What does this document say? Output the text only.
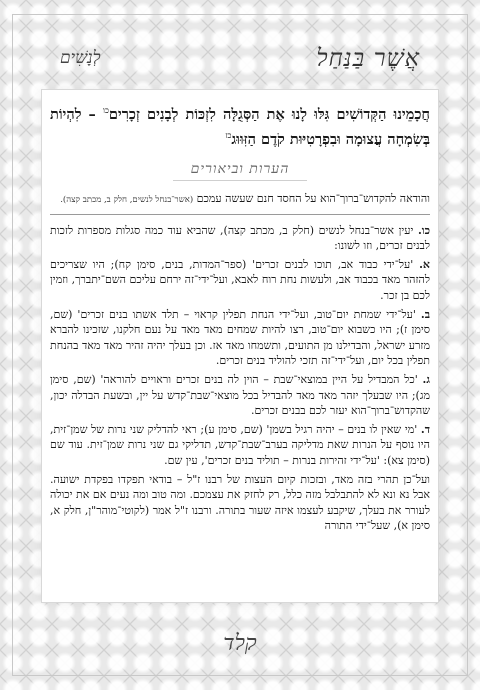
אֲשֶׁר בַּנַּחַל
לְנָשִׁים

חֲכָמֵינוּ הַקְּדוֹשִׁים גִּלּוּ לָנוּ אֶת הַסְּגֻלָּה לִזְכּוֹת לְבָנִים זְכָרִים$^{כו}$ – לִהְיוֹת בְּשִׂמְחָה עֲצוּמָה וּבִפְרָטִיּוּת קֹדֶם הַזִּוּוּג$^{כז}$

הערות וביאורים

והודאה להקדוש־ברוך־הוא על החסד חנם שעשה עמכם (אשר־בנחל לנשים, חלק ב, מכתב קצה).

כו. יעין אשר־בנחל לנשים (חלק ב, מכתב קצה), שהביא עוד כמה סגלות מספרות לזכות לבנים זכרים, וזו לשונו:

א. 'על־ידי כבוד אב, תוכו לבנים זכרים' (ספר־המדות, בנים, סימן קח); היו שצריכים להזהר מאד בכבוד אב, ולעשות נחת רוח לאבא, ועל־ידי־זה ירחם עליכם השם־יתברך, וזמין לכם בן זכר.

ב. 'על־ידי שמחת יום־טוב, ועל־ידי הנחת תפלין קראוי – תלד אשתו בנים זכרים' (שם, סימן ז); היו כשבוא יום־טוב, רצו להיות שמחים מאד מאד על נעם חלקנו, שזכינו להברא מזרע ישראל, והבדילנו מן התועים, ותשמחו מאד אז. וכן בעלך יהיה זהיר מאד מאד בהנחת תפלין בכל יום, ועל־ידי־זה תזכי להוליד בנים זכרים.

ג. 'כל המבדיל על היין במוצאי־שבת – הוין לה בנים זכרים וראויים להוראה' (שם, סימן מג); היו שבעלך יזהר מאד מאד להבדיל בכל מוצאי־שבת־קדש על יין, ובשעת הבדלה יכון, שהקדוש־ברוך־הוא יעזר לכם בבנים זכרים.

ד. 'מי שאין לו בנים – יהיה רגיל בשמן' (שם, סימן ע); ראי להדליק שני נרות של שמן־זית, היו נוסף על הנרות שאת מדליקה בערב־שבת־קדש, תדליקי גם שני נרות שמן־זית. עוד שם (סימן צא): 'על־ידי זהירות בנרות – תוליד בנים זכרים', עין שם.

ועל־כן תהרי בזה מאד, ובזכות קיום העצות של רבנו ז"ל – בודאי תפקדו בפקדת ישועה. אבל נא ונא לא להתבלבל מזה כלל, רק לחזק את עצמכם. ומה טוב ומה נעים אם את יכולה לעורר את בעלך, שיקבע לעצמו איזה שעור בתורה. ורבנו ז"ל אמר (לקוטי־מוהר"ן, חלק א, סימן א), שעל־ידי התורה

קלד
